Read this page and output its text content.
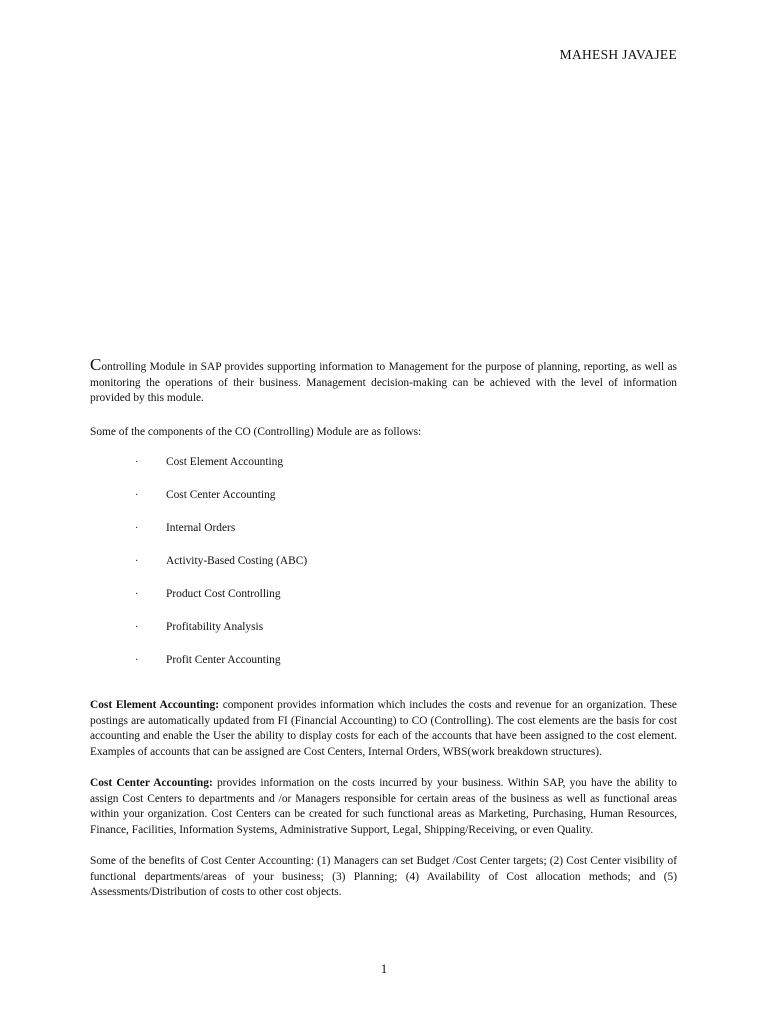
MAHESH JAVAJEE

Controlling Module in SAP provides supporting information to Management for the purpose of planning, reporting, as well as monitoring the operations of their business. Management decision-making can be achieved with the level of information provided by this module.

Some of the components of the CO (Controlling) Module are as follows:

· Cost Element Accounting
· Cost Center Accounting
· Internal Orders
· Activity-Based Costing (ABC)
· Product Cost Controlling
· Profitability Analysis
· Profit Center Accounting

Cost Element Accounting: component provides information which includes the costs and revenue for an organization. These postings are automatically updated from FI (Financial Accounting) to CO (Controlling). The cost elements are the basis for cost accounting and enable the User the ability to display costs for each of the accounts that have been assigned to the cost element. Examples of accounts that can be assigned are Cost Centers, Internal Orders, WBS(work breakdown structures).

Cost Center Accounting: provides information on the costs incurred by your business. Within SAP, you have the ability to assign Cost Centers to departments and /or Managers responsible for certain areas of the business as well as functional areas within your organization. Cost Centers can be created for such functional areas as Marketing, Purchasing, Human Resources, Finance, Facilities, Information Systems, Administrative Support, Legal, Shipping/Receiving, or even Quality.

Some of the benefits of Cost Center Accounting: (1) Managers can set Budget /Cost Center targets; (2) Cost Center visibility of functional departments/areas of your business; (3) Planning; (4) Availability of Cost allocation methods; and (5) Assessments/Distribution of costs to other cost objects.

1
